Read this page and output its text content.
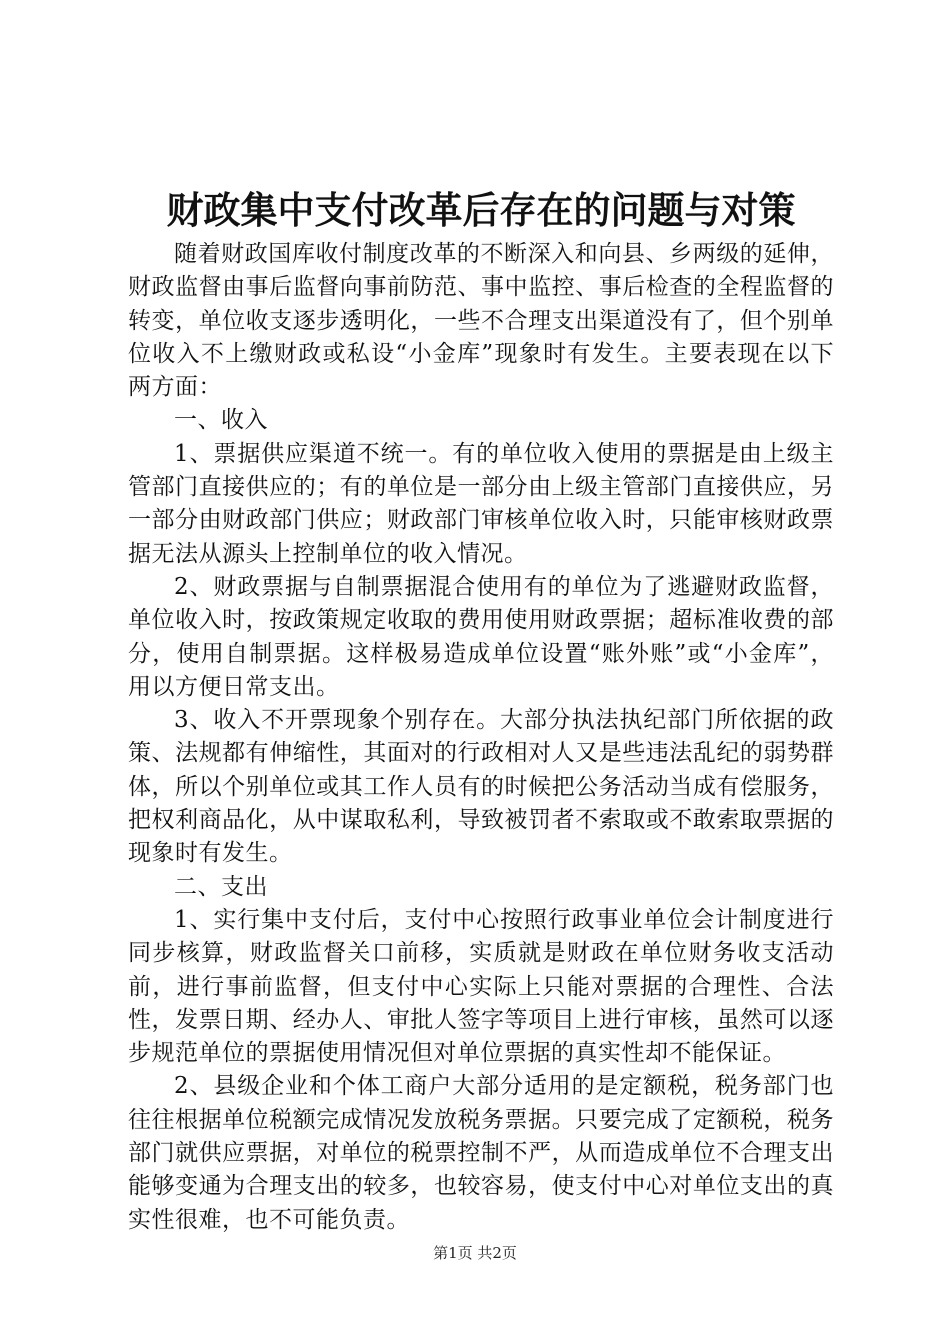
财政集中支付改革后存在的问题与对策

随着财政国库收付制度改革的不断深入和向县、乡两级的延伸，财政监督由事后监督向事前防范、事中监控、事后检查的全程监督的转变，单位收支逐步透明化，一些不合理支出渠道没有了，但个别单位收入不上缴财政或私设“小金库”现象时有发生。主要表现在以下两方面：

一、收入

1、票据供应渠道不统一。有的单位收入使用的票据是由上级主管部门直接供应的；有的单位是一部分由上级主管部门直接供应，另一部分由财政部门供应；财政部门审核单位收入时，只能审核财政票据无法从源头上控制单位的收入情况。

2、财政票据与自制票据混合使用有的单位为了逃避财政监督，单位收入时，按政策规定收取的费用使用财政票据；超标准收费的部分，使用自制票据。这样极易造成单位设置“账外账”或“小金库”，用以方便日常支出。

3、收入不开票现象个别存在。大部分执法执纪部门所依据的政策、法规都有伸缩性，其面对的行政相对人又是些违法乱纪的弱势群体，所以个别单位或其工作人员有的时候把公务活动当成有偿服务，把权利商品化，从中谋取私利，导致被罚者不索取或不敢索取票据的现象时有发生。

二、支出

1、实行集中支付后，支付中心按照行政事业单位会计制度进行同步核算，财政监督关口前移，实质就是财政在单位财务收支活动前，进行事前监督，但支付中心实际上只能对票据的合理性、合法性，发票日期、经办人、审批人签字等项目上进行审核，虽然可以逐步规范单位的票据使用情况但对单位票据的真实性却不能保证。

2、县级企业和个体工商户大部分适用的是定额税，税务部门也往往根据单位税额完成情况发放税务票据。只要完成了定额税，税务部门就供应票据，对单位的税票控制不严，从而造成单位不合理支出能够变通为合理支出的较多，也较容易，使支付中心对单位支出的真实性很难，也不可能负责。

第1页 共2页
